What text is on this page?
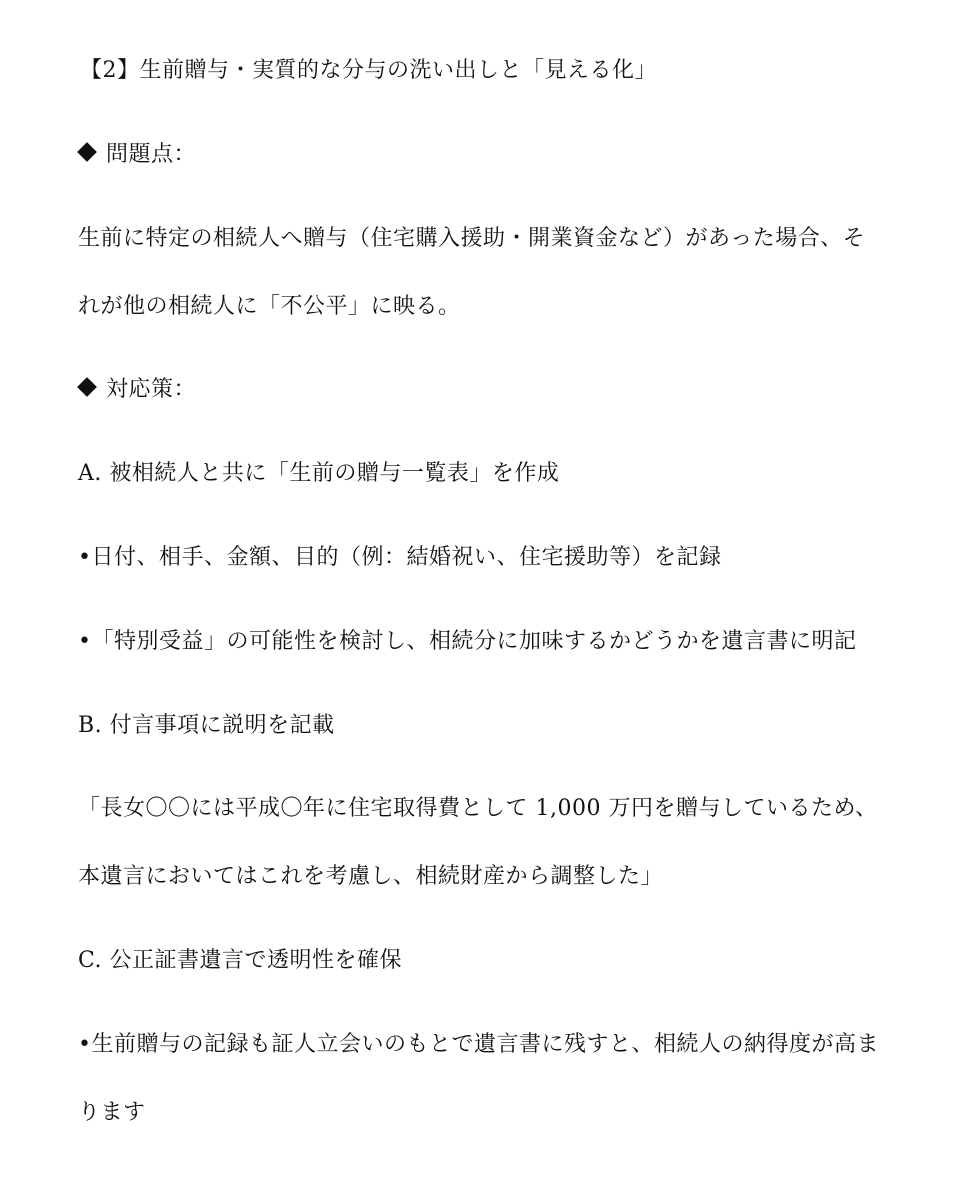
【2】生前贈与・実質的な分与の洗い出しと「見える化」
問題点：
生前に特定の相続人へ贈与（住宅購入援助・開業資金など）があった場合、そ
れが他の相続人に「不公平」に映る。
対応策：
A. 被相続人と共に「生前の贈与一覧表」を作成
•日付、相手、金額、目的（例：結婚祝い、住宅援助等）を記録
•「特別受益」の可能性を検討し、相続分に加味するかどうかを遺言書に明記
B. 付言事項に説明を記載
「長女〇〇には平成〇年に住宅取得費として 1,000 万円を贈与しているため、
本遺言においてはこれを考慮し、相続財産から調整した」
C. 公正証書遺言で透明性を確保
•生前贈与の記録も証人立会いのもとで遺言書に残すと、相続人の納得度が高ま
ります
